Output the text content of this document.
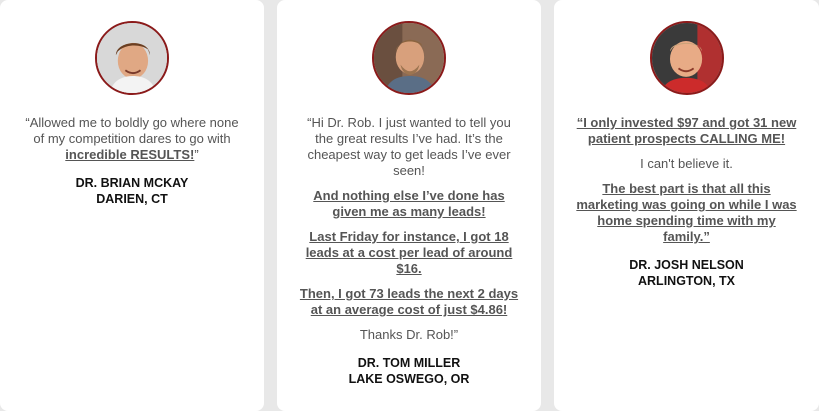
“Allowed me to boldly go where none of my competition dares to go with incredible RESULTS!”

DR. BRIAN MCKAY
DARIEN, CT

“Hi Dr. Rob. I just wanted to tell you the great results I’ve had. It’s the cheapest way to get leads I’ve ever seen!

And nothing else I’ve done has given me as many leads!

Last Friday for instance, I got 18 leads at a cost per lead of around $16.

Then, I got 73 leads the next 2 days at an average cost of just $4.86!

Thanks Dr. Rob!”

DR. TOM MILLER
LAKE OSWEGO, OR

“I only invested $97 and got 31 new patient prospects CALLING ME!

I can't believe it.

The best part is that all this marketing was going on while I was home spending time with my family.”

DR. JOSH NELSON
ARLINGTON, TX
